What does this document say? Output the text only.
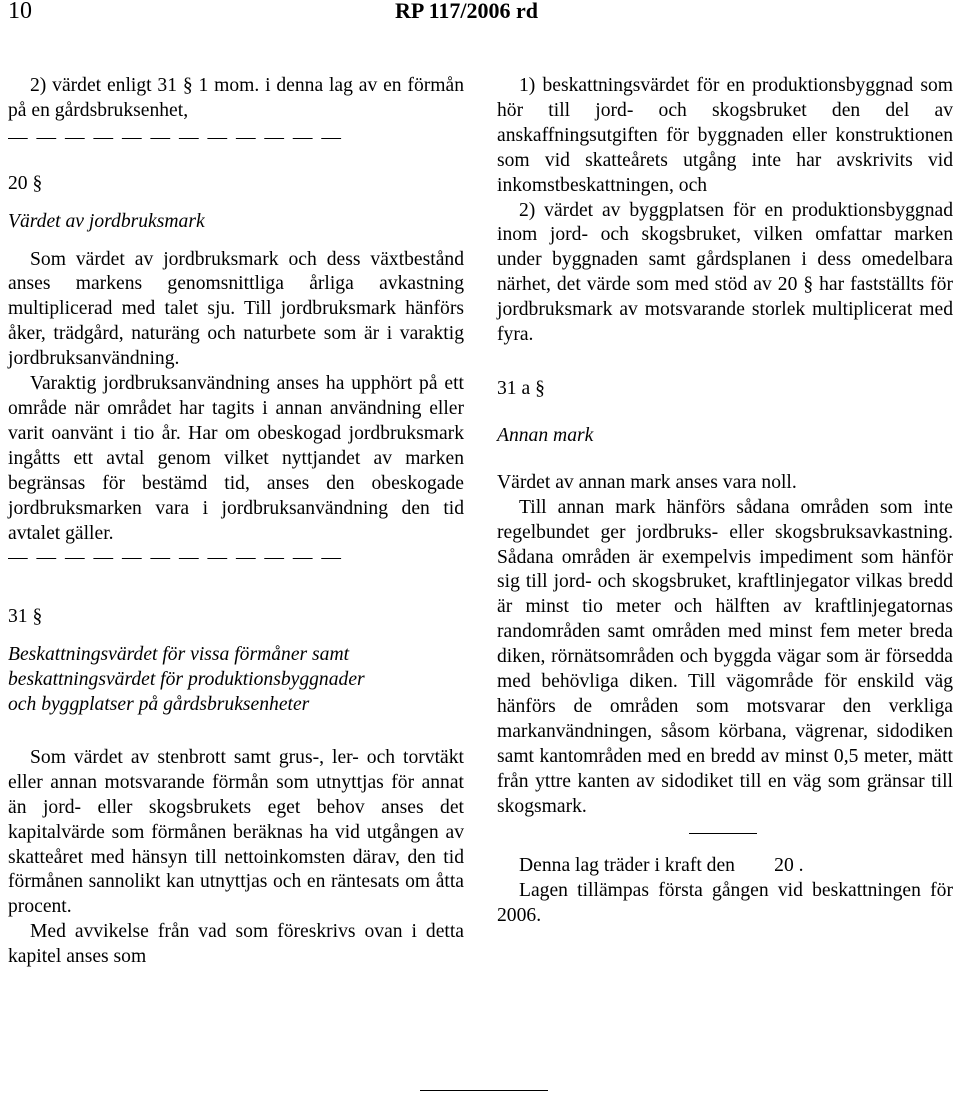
10	RP 117/2006 rd

2) värdet enligt 31 § 1 mom. i denna lag av en förmån på en gårdsbruksenhet,

— — — — — — — — — — — —

20 §

Värdet av jordbruksmark

Som värdet av jordbruksmark och dess växtbestånd anses markens genomsnittliga årliga avkastning multiplicerad med talet sju. Till jordbruksmark hänförs åker, trädgård, naturäng och naturbete som är i varaktig jordbruksanvändning.

Varaktig jordbruksanvändning anses ha upphört på ett område när området har tagits i annan användning eller varit oanvänt i tio år. Har om obeskogad jordbruksmark ingåtts ett avtal genom vilket nyttjandet av marken begränsas för bestämd tid, anses den obeskogade jordbruksmarken vara i jordbruksanvändning den tid avtalet gäller.

— — — — — — — — — — — —

31 §

Beskattningsvärdet för vissa förmåner samt

beskattningsvärdet för produktionsbyggnader

och byggplatser på gårdsbruksenheter

Som värdet av stenbrott samt grus-, ler- och torvtäkt eller annan motsvarande förmån som utnyttjas för annat än jord- eller skogsbrukets eget behov anses det kapitalvärde som förmånen beräknas ha vid utgången av skatteåret med hänsyn till nettoinkomsten därav, den tid förmånen sannolikt kan utnyttjas och en räntesats om åtta procent.

Med avvikelse från vad som föreskrivs ovan i detta kapitel anses som

1) beskattningsvärdet för en produktionsbyggnad som hör till jord- och skogsbruket den del av anskaffningsutgiften för byggnaden eller konstruktionen som vid skatteårets utgång inte har avskrivits vid inkomstbeskattningen, och

2) värdet av byggplatsen för en produktionsbyggnad inom jord- och skogsbruket, vilken omfattar marken under byggnaden samt gårdsplanen i dess omedelbara närhet, det värde som med stöd av 20 § har fastställts för jordbruksmark av motsvarande storlek multiplicerat med fyra.

31 a §

Annan mark

Värdet av annan mark anses vara noll.

Till annan mark hänförs sådana områden som inte regelbundet ger jordbruks- eller skogsbruksavkastning. Sådana områden är exempelvis impediment som hänför sig till jord- och skogsbruket, kraftlinjegator vilkas bredd är minst tio meter och hälften av kraftlinjegatornas randområden samt områden med minst fem meter breda diken, rörnätsområden och byggda vägar som är försedda med behövliga diken. Till vägområde för enskild väg hänförs de områden som motsvarar den verkliga markanvändningen, såsom körbana, vägrenar, sidodiken samt kantområden med en bredd av minst 0,5 meter, mätt från yttre kanten av sidodiket till en väg som gränsar till skogsmark.

Denna lag träder i kraft den        20 .

Lagen tillämpas första gången vid beskattningen för 2006.
